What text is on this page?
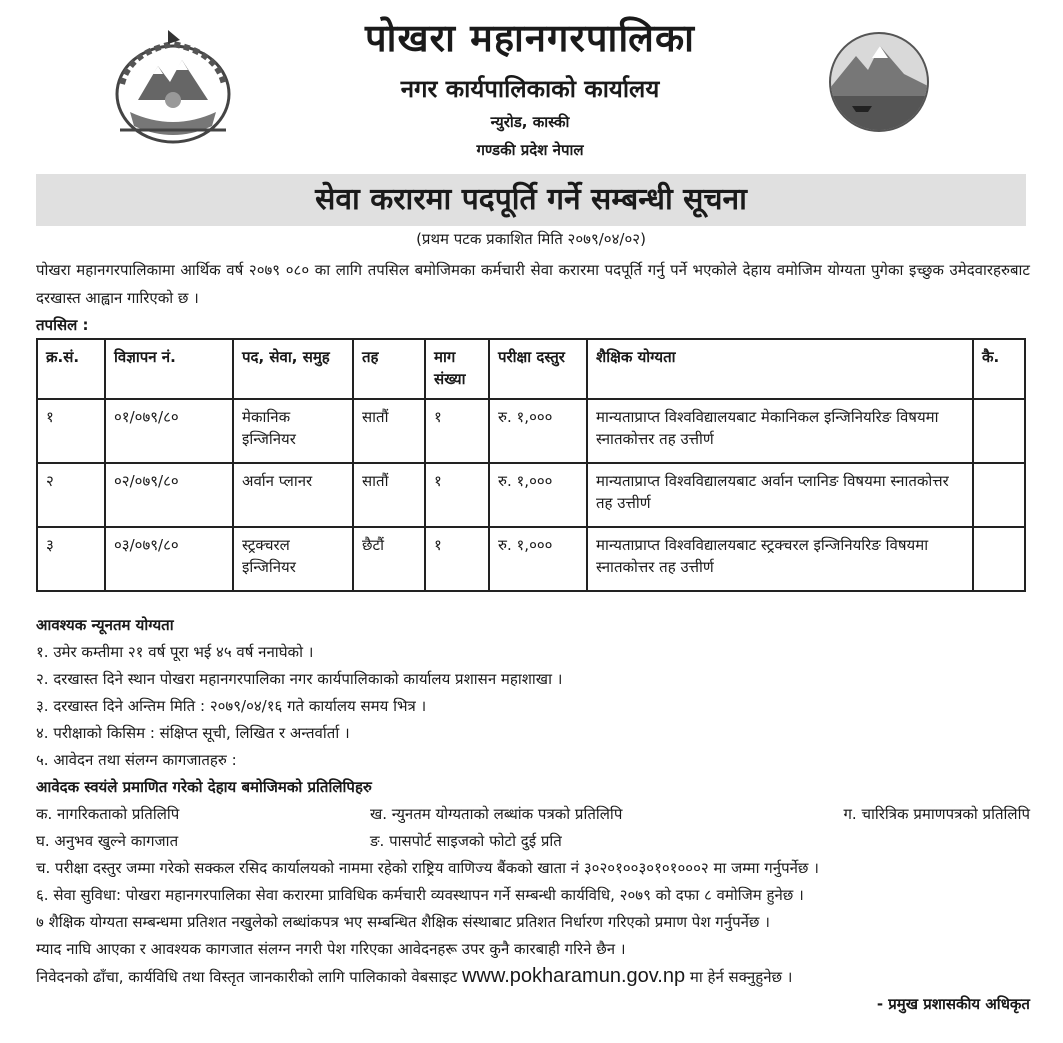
पोखरा महानगरपालिका
नगर कार्यपालिकाको कार्यालय
न्युरोड, कास्की
गण्डकी प्रदेश नेपाल
सेवा करारमा पदपूर्ति गर्ने सम्बन्धी सूचना
(प्रथम पटक प्रकाशित मिति २०७९/०४/०२)
पोखरा महानगरपालिकामा आर्थिक वर्ष २०७९ ०८० का लागि तपसिल बमोजिमका कर्मचारी सेवा करारमा पदपूर्ति गर्नु पर्ने भएकोले देहाय वमोजिम योग्यता पुगेका इच्छुक उमेदवारहरुबाट दरखास्त आह्वान गारिएको छ ।
तपसिल :
क्र.सं.	विज्ञापन नं.	पद, सेवा, समुह	तह	माग संख्या	परीक्षा दस्तुर	शैक्षिक योग्यता	कै.
१	०१/०७९/८०	मेकानिक इन्जिनियर	सातौं	१	रु. १,०००	मान्यताप्राप्त विश्वविद्यालयबाट मेकानिकल इन्जिनियरिङ विषयमा स्नातकोत्तर तह उत्तीर्ण	
२	०२/०७९/८०	अर्वान प्लानर	सातौं	१	रु. १,०००	मान्यताप्राप्त विश्वविद्यालयबाट अर्वान प्लानिङ विषयमा स्नातकोत्तर तह उत्तीर्ण	
३	०३/०७९/८०	स्ट्रक्चरल इन्जिनियर	छैटौं	१	रु. १,०००	मान्यताप्राप्त विश्वविद्यालयबाट स्ट्रक्चरल इन्जिनियरिङ विषयमा स्नातकोत्तर तह उत्तीर्ण	
आवश्यक न्यूनतम योग्यता
१. उमेर कम्तीमा २१ वर्ष पूरा भई ४५ वर्ष ननाघेको ।
२. दरखास्त दिने स्थान पोखरा महानगरपालिका नगर कार्यपालिकाको कार्यालय प्रशासन महाशाखा ।
३. दरखास्त दिने अन्तिम मिति : २०७९/०४/१६ गते कार्यालय समय भित्र ।
४. परीक्षाको किसिम : संक्षिप्त सूची, लिखित र अन्तर्वार्ता ।
५. आवेदन तथा संलग्न कागजातहरु :
आवेदक स्वयंले प्रमाणित गरेको देहाय बमोजिमको प्रतिलिपिहरु
क. नागरिकताको प्रतिलिपि	ख. न्युनतम योग्यताको लब्धांक पत्रको प्रतिलिपि	ग. चारित्रिक प्रमाणपत्रको प्रतिलिपि
घ. अनुभव खुल्ने कागजात	ङ. पासपोर्ट साइजको फोटो दुई प्रति
च. परीक्षा दस्तुर जम्मा गरेको सक्कल रसिद कार्यालयको नाममा रहेको राष्ट्रिय वाणिज्य बैंकको खाता नं ३०२०१००३०१०१०००२ मा जम्मा गर्नुपर्नेछ ।
६. सेवा सुविधा: पोखरा महानगरपालिका सेवा करारमा प्राविधिक कर्मचारी व्यवस्थापन गर्ने सम्बन्धी कार्यविधि, २०७९ को दफा ८ वमोजिम हुनेछ ।
७ शैक्षिक योग्यता सम्बन्धमा प्रतिशत नखुलेको लब्धांकपत्र भए सम्बन्धित शैक्षिक संस्थाबाट प्रतिशत निर्धारण गरिएको प्रमाण पेश गर्नुपर्नेछ ।
म्याद नाघि आएका र आवश्यक कागजात संलग्न नगरी पेश गरिएका आवेदनहरू उपर कुनै कारबाही गरिने छैन ।
निवेदनको ढाँचा, कार्यविधि तथा विस्तृत जानकारीको लागि पालिकाको वेबसाइट www.pokharamun.gov.np मा हेर्न सक्नुहुनेछ ।
- प्रमुख प्रशासकीय अधिकृत
